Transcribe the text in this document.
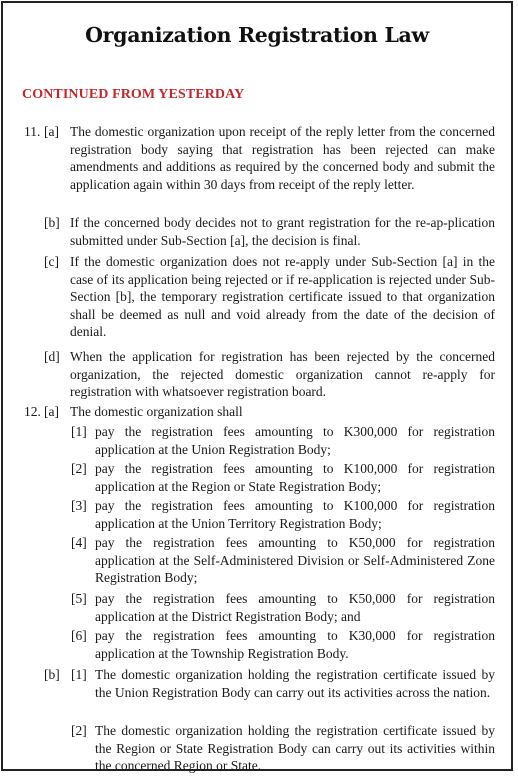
Organization Registration Law
CONTINUED FROM YESTERDAY
11. [a] The domestic organization upon receipt of the reply letter from the concerned registration body saying that registration has been rejected can make amendments and additions as required by the concerned body and submit the application again within 30 days from receipt of the reply letter.
[b] If the concerned body decides not to grant registration for the re-ap-plication submitted under Sub-Section [a], the decision is final.
[c] If the domestic organization does not re-apply under Sub-Section [a] in the case of its application being rejected or if re-application is rejected under Sub-Section [b], the temporary registration certificate issued to that organization shall be deemed as null and void already from the date of the decision of denial.
[d] When the application for registration has been rejected by the concerned organization, the rejected domestic organization cannot re-apply for registration with whatsoever registration board.
12. [a] The domestic organization shall
[1] pay the registration fees amounting to K300,000 for registration application at the Union Registration Body;
[2] pay the registration fees amounting to K100,000 for registration application at the Region or State Registration Body;
[3] pay the registration fees amounting to K100,000 for registration application at the Union Territory Registration Body;
[4] pay the registration fees amounting to K50,000 for registration application at the Self-Administered Division or Self-Administered Zone Registration Body;
[5] pay the registration fees amounting to K50,000 for registration application at the District Registration Body; and
[6] pay the registration fees amounting to K30,000 for registration application at the Township Registration Body.
[b] [1] The domestic organization holding the registration certificate issued by the Union Registration Body can carry out its activities across the nation.
[2] The domestic organization holding the registration certificate issued by the Region or State Registration Body can carry out its activities within the concerned Region or State.
